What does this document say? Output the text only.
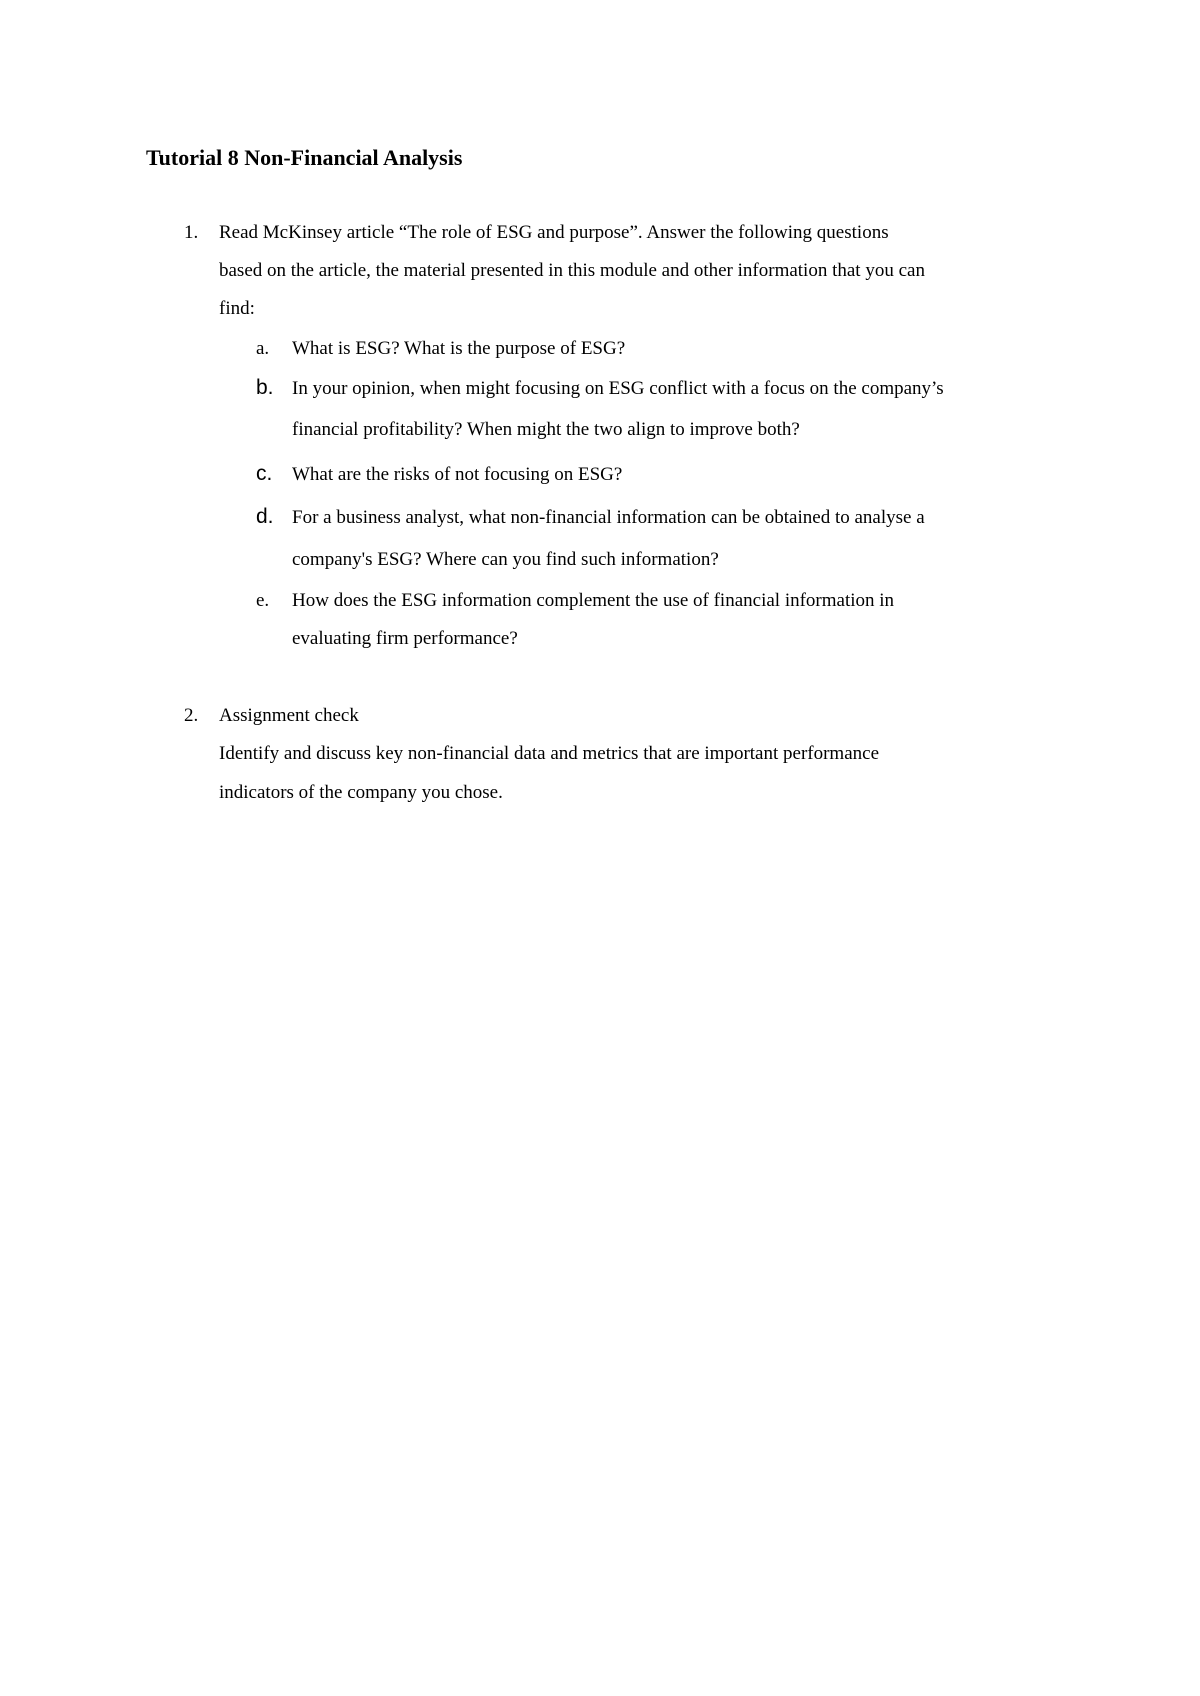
Tutorial 8 Non-Financial Analysis
1. Read McKinsey article “The role of ESG and purpose”. Answer the following questions
based on the article, the material presented in this module and other information that you can
find:
a. What is ESG? What is the purpose of ESG?
b. In your opinion, when might focusing on ESG conflict with a focus on the company’s
financial profitability? When might the two align to improve both?
c. What are the risks of not focusing on ESG?
d. For a business analyst, what non-financial information can be obtained to analyse a
company's ESG? Where can you find such information?
e. How does the ESG information complement the use of financial information in
evaluating firm performance?
2. Assignment check
Identify and discuss key non-financial data and metrics that are important performance
indicators of the company you chose.
